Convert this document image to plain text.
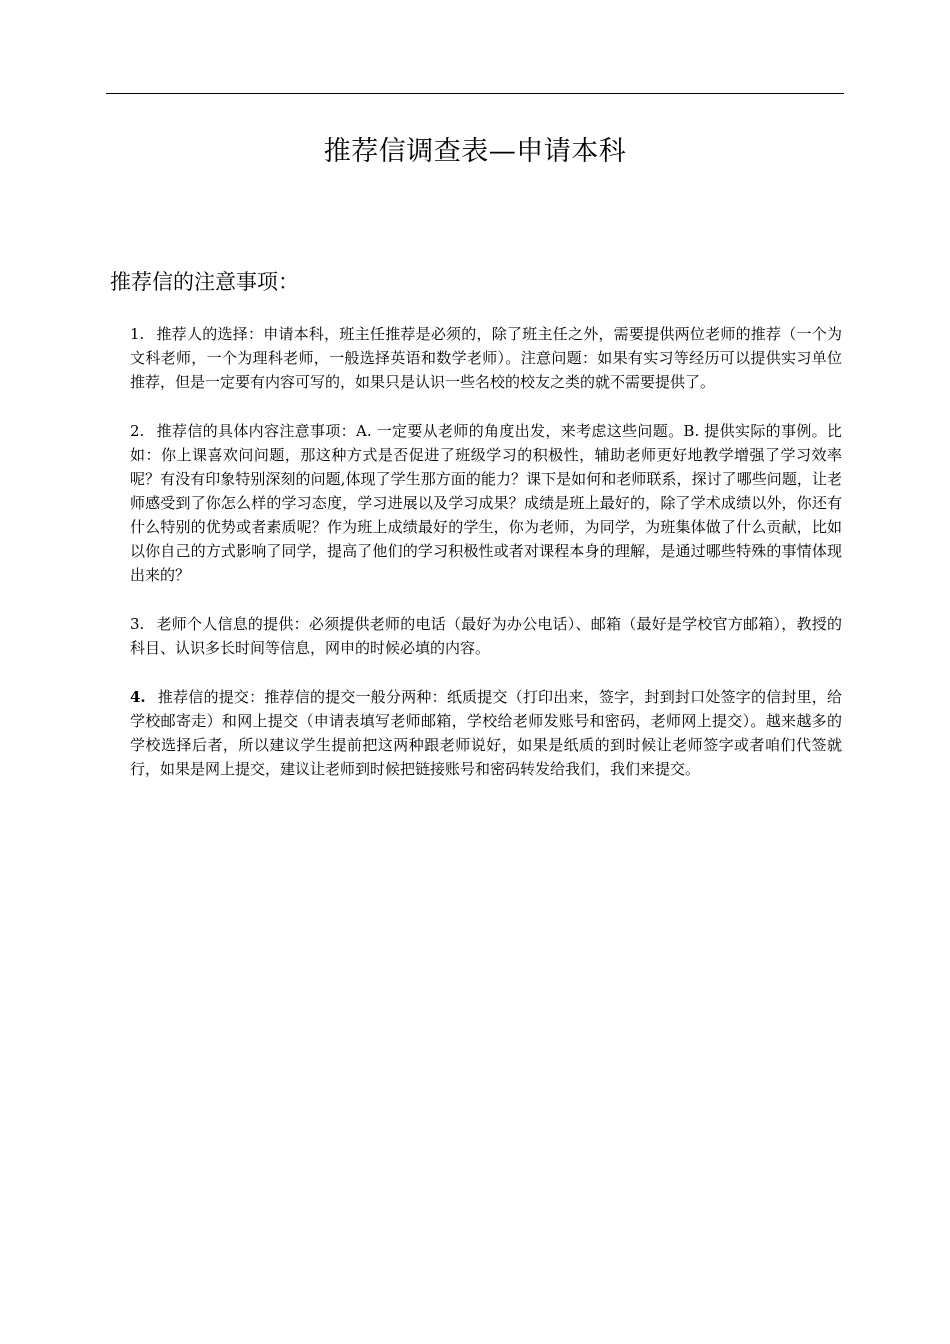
推荐信调查表—申请本科
推荐信的注意事项：

1. 推荐人的选择：申请本科，班主任推荐是必须的，除了班主任之外，需要提供两位老师的推荐（一个为文科老师，一个为理科老师，一般选择英语和数学老师）。注意问题：如果有实习等经历可以提供实习单位推荐，但是一定要有内容可写的，如果只是认识一些名校的校友之类的就不需要提供了。

2. 推荐信的具体内容注意事项：A. 一定要从老师的角度出发，来考虑这些问题。B. 提供实际的事例。比如：你上课喜欢问问题，那这种方式是否促进了班级学习的积极性，辅助老师更好地教学增强了学习效率呢？有没有印象特别深刻的问题,体现了学生那方面的能力？课下是如何和老师联系，探讨了哪些问题，让老师感受到了你怎么样的学习态度，学习进展以及学习成果？成绩是班上最好的，除了学术成绩以外，你还有什么特别的优势或者素质呢？作为班上成绩最好的学生，你为老师，为同学，为班集体做了什么贡献，比如以你自己的方式影响了同学，提高了他们的学习积极性或者对课程本身的理解，是通过哪些特殊的事情体现出来的？

3. 老师个人信息的提供：必须提供老师的电话（最好为办公电话）、邮箱（最好是学校官方邮箱），教授的科目、认识多长时间等信息，网申的时候必填的内容。

4. 推荐信的提交：推荐信的提交一般分两种：纸质提交（打印出来，签字，封到封口处签字的信封里，给学校邮寄走）和网上提交（申请表填写老师邮箱，学校给老师发账号和密码，老师网上提交）。越来越多的学校选择后者，所以建议学生提前把这两种跟老师说好，如果是纸质的到时候让老师签字或者咱们代签就行，如果是网上提交，建议让老师到时候把链接账号和密码转发给我们，我们来提交。
